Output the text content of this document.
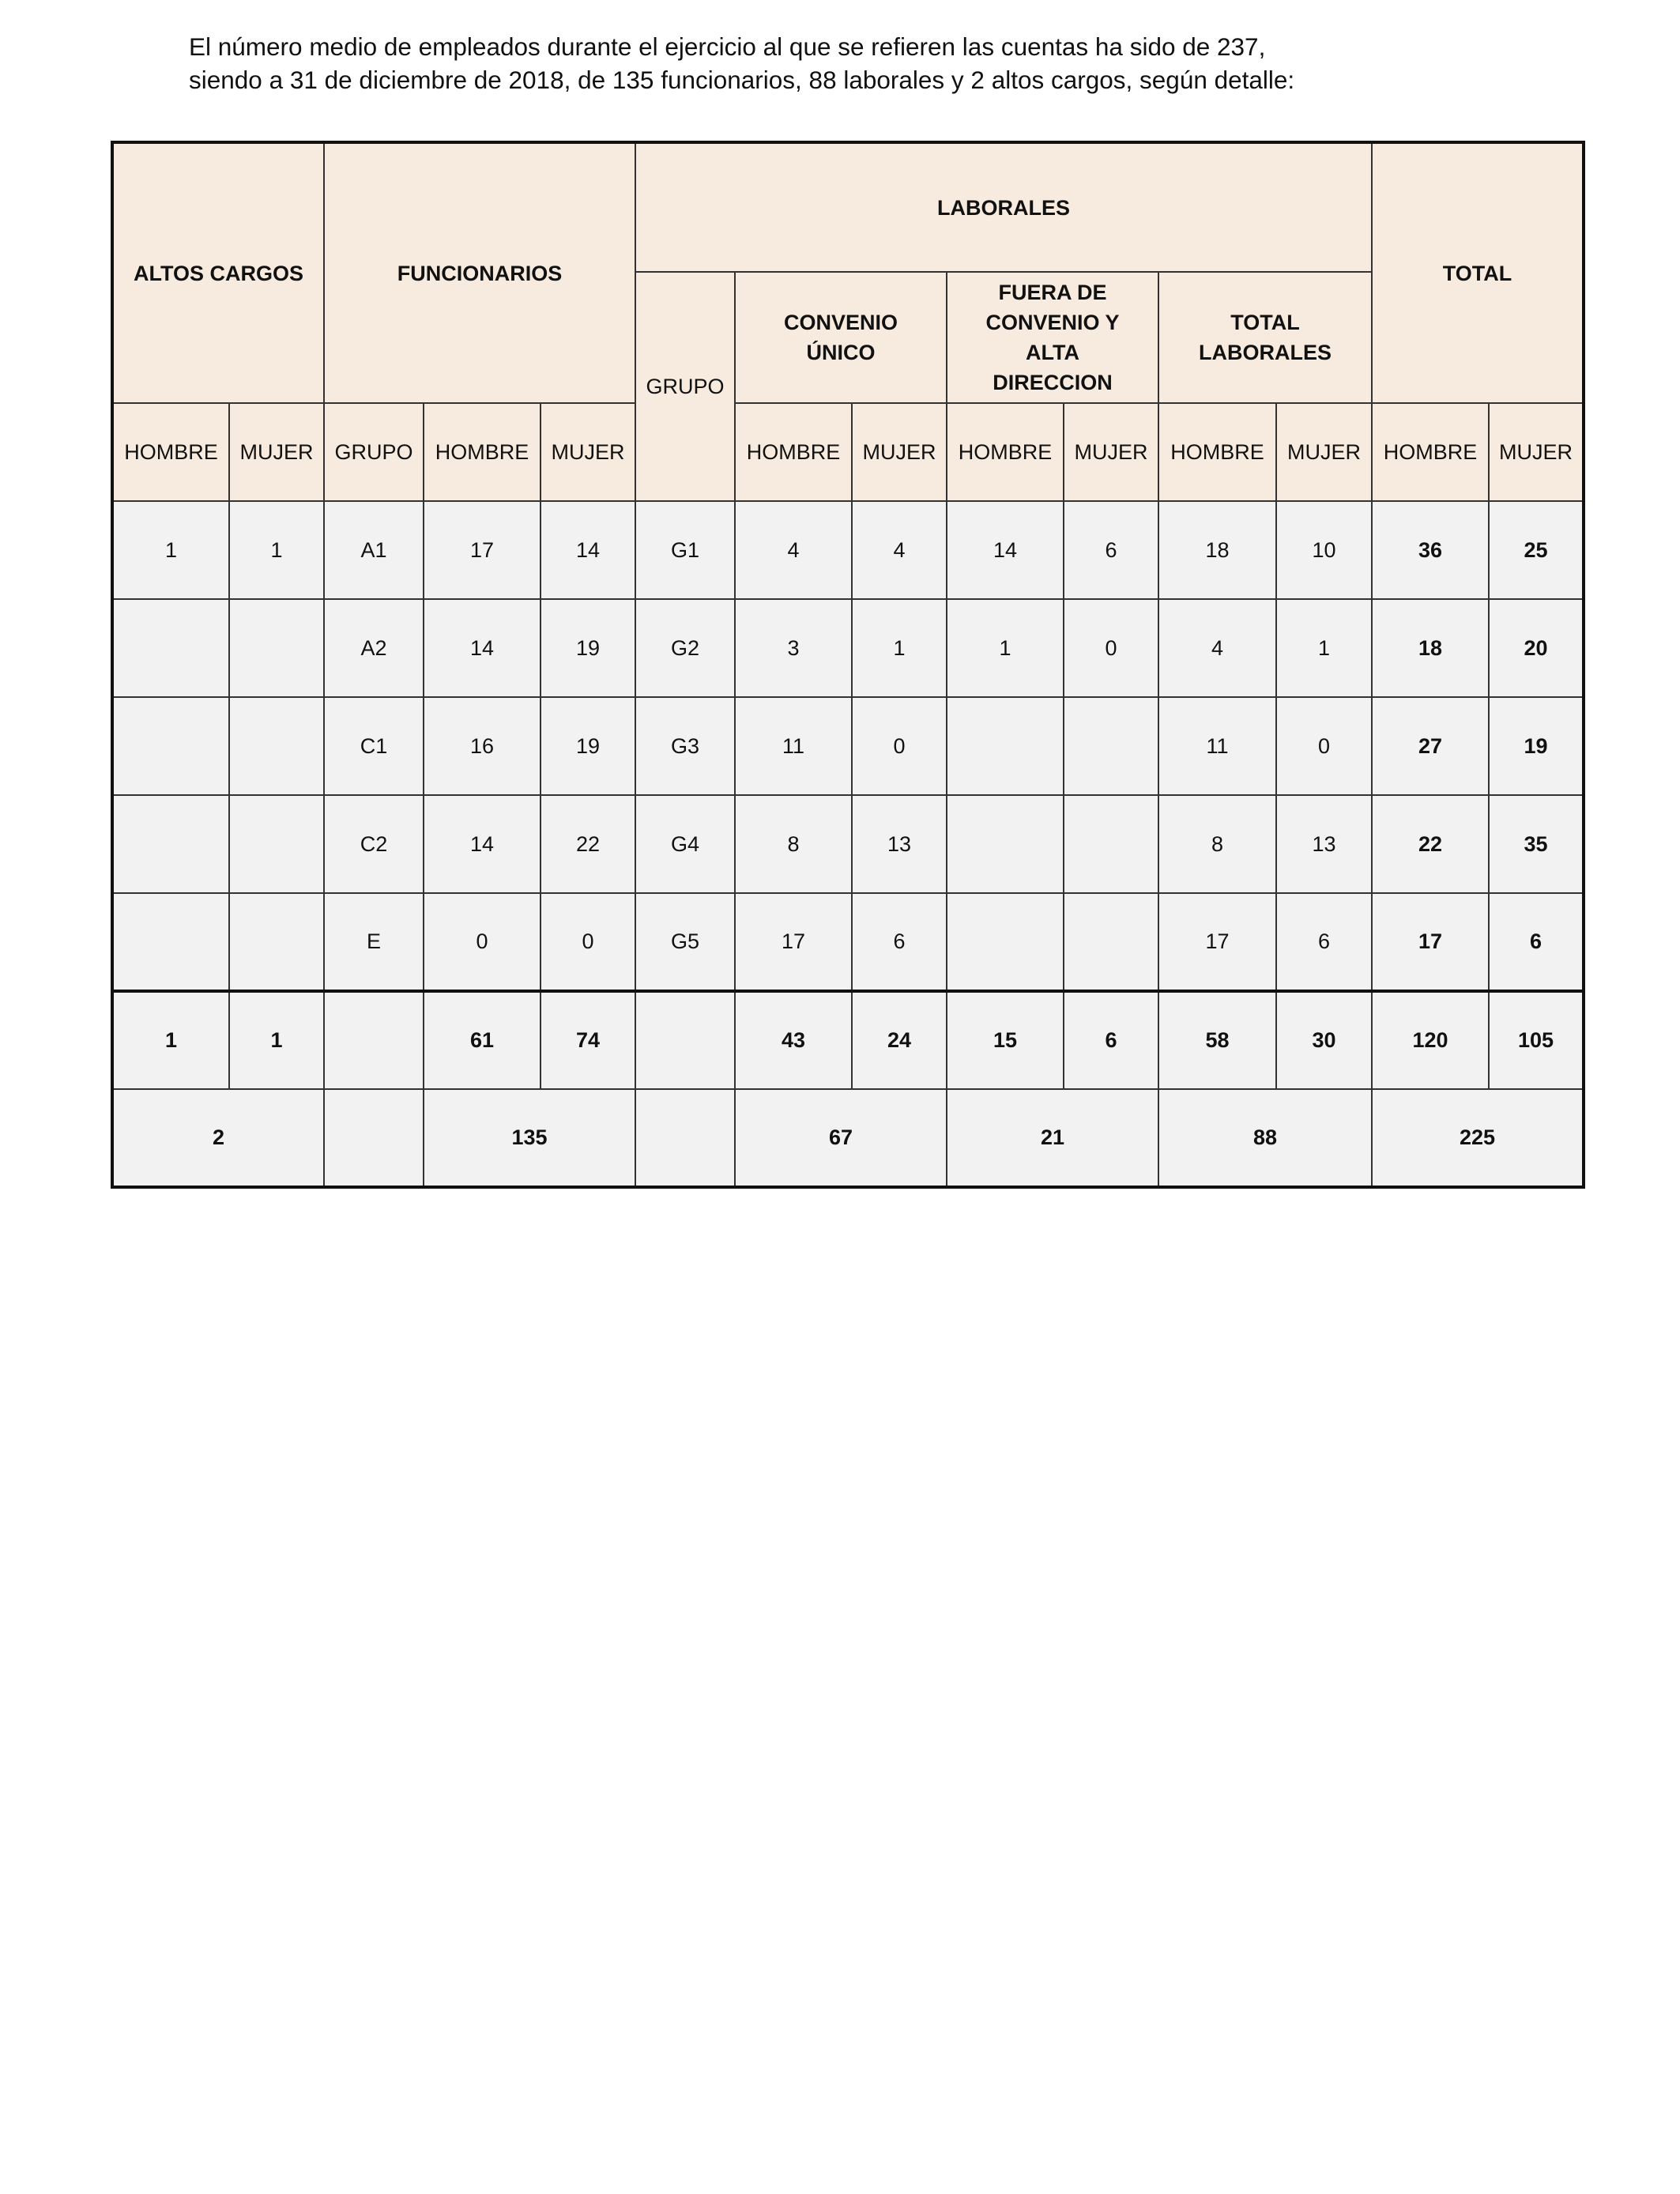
El número medio de empleados durante el ejercicio al que se refieren las cuentas ha sido de 237,
siendo a 31 de diciembre de 2018, de 135 funcionarios, 88 laborales y 2 altos cargos, según detalle:
ALTOS CARGOS		FUNCIONARIOS			LABORALES							TOTAL	
					GRUPO	CONVENIO ÚNICO		FUERA DE CONVENIO Y ALTA DIRECCION		TOTAL LABORALES			
HOMBRE	MUJER	GRUPO	HOMBRE	MUJER		HOMBRE	MUJER	HOMBRE	MUJER	HOMBRE	MUJER	HOMBRE	MUJER
1	1	A1	17	14	G1	4	4	14	6	18	10	36	25
		A2	14	19	G2	3	1	1	0	4	1	18	20
		C1	16	19	G3	11	0			11	0	27	19
		C2	14	22	G4	8	13			8	13	22	35
		E	0	0	G5	17	6			17	6	17	6
1	1		61	74		43	24	15	6	58	30	120	105
2			135			67		21		88		225	
